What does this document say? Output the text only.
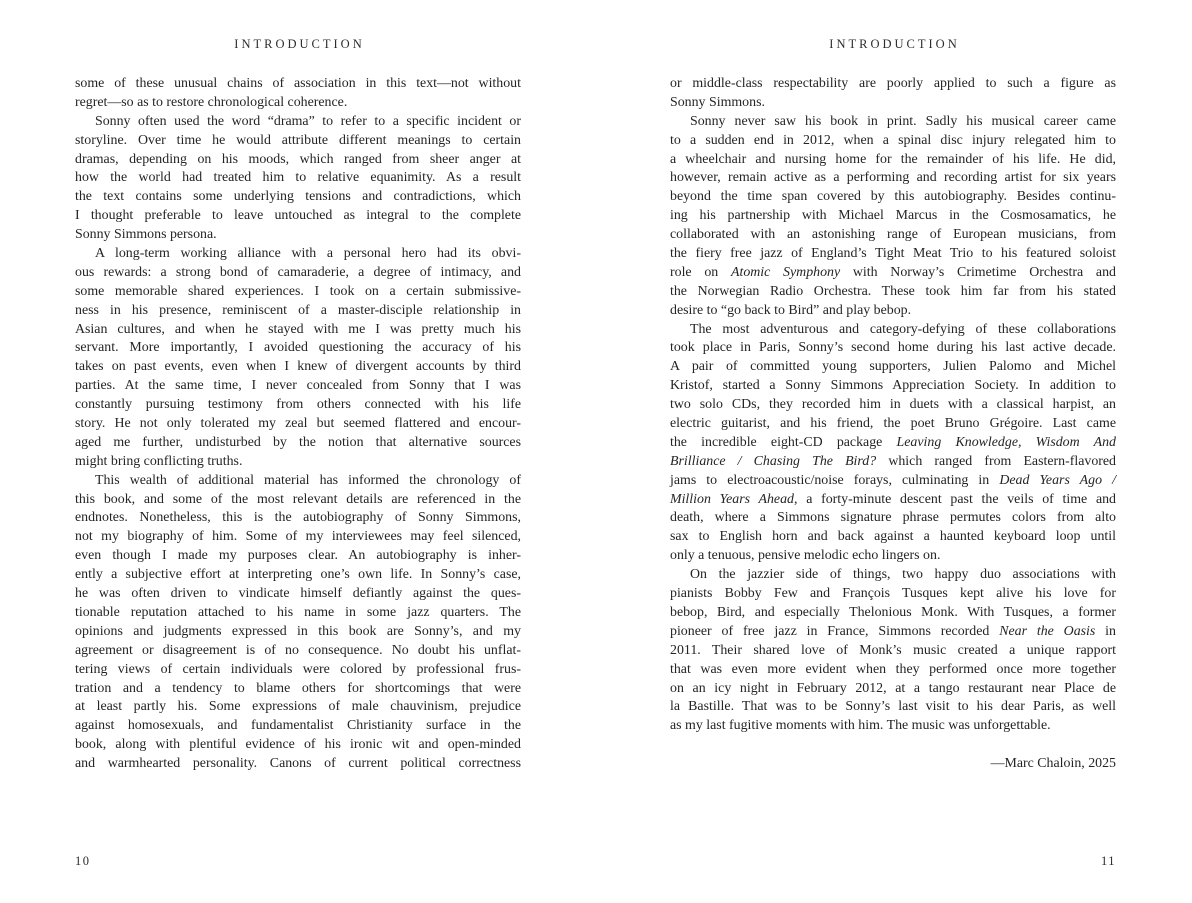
INTRODUCTION
some of these unusual chains of association in this text—not without
regret—so as to restore chronological coherence.
Sonny often used the word “drama” to refer to a specific incident or
storyline. Over time he would attribute different meanings to certain
dramas, depending on his moods, which ranged from sheer anger at
how the world had treated him to relative equanimity. As a result
the text contains some underlying tensions and contradictions, which
I thought preferable to leave untouched as integral to the complete
Sonny Simmons persona.
A long-term working alliance with a personal hero had its obvi-
ous rewards: a strong bond of camaraderie, a degree of intimacy, and
some memorable shared experiences. I took on a certain submissive-
ness in his presence, reminiscent of a master-disciple relationship in
Asian cultures, and when he stayed with me I was pretty much his
servant. More importantly, I avoided questioning the accuracy of his
takes on past events, even when I knew of divergent accounts by third
parties. At the same time, I never concealed from Sonny that I was
constantly pursuing testimony from others connected with his life
story. He not only tolerated my zeal but seemed flattered and encour-
aged me further, undisturbed by the notion that alternative sources
might bring conflicting truths.
This wealth of additional material has informed the chronology of
this book, and some of the most relevant details are referenced in the
endnotes. Nonetheless, this is the autobiography of Sonny Simmons,
not my biography of him. Some of my interviewees may feel silenced,
even though I made my purposes clear. An autobiography is inher-
ently a subjective effort at interpreting one’s own life. In Sonny’s case,
he was often driven to vindicate himself defiantly against the ques-
tionable reputation attached to his name in some jazz quarters. The
opinions and judgments expressed in this book are Sonny’s, and my
agreement or disagreement is of no consequence. No doubt his unflat-
tering views of certain individuals were colored by professional frus-
tration and a tendency to blame others for shortcomings that were
at least partly his. Some expressions of male chauvinism, prejudice
against homosexuals, and fundamentalist Christianity surface in the
book, along with plentiful evidence of his ironic wit and open-minded
and warmhearted personality. Canons of current political correctness
10
INTRODUCTION
or middle-class respectability are poorly applied to such a figure as
Sonny Simmons.
Sonny never saw his book in print. Sadly his musical career came
to a sudden end in 2012, when a spinal disc injury relegated him to
a wheelchair and nursing home for the remainder of his life. He did,
however, remain active as a performing and recording artist for six years
beyond the time span covered by this autobiography. Besides continu-
ing his partnership with Michael Marcus in the Cosmosamatics, he
collaborated with an astonishing range of European musicians, from
the fiery free jazz of England’s Tight Meat Trio to his featured soloist
role on Atomic Symphony with Norway’s Crimetime Orchestra and
the Norwegian Radio Orchestra. These took him far from his stated
desire to “go back to Bird” and play bebop.
The most adventurous and category-defying of these collaborations
took place in Paris, Sonny’s second home during his last active decade.
A pair of committed young supporters, Julien Palomo and Michel
Kristof, started a Sonny Simmons Appreciation Society. In addition to
two solo CDs, they recorded him in duets with a classical harpist, an
electric guitarist, and his friend, the poet Bruno Grégoire. Last came
the incredible eight-CD package Leaving Knowledge, Wisdom And
Brilliance / Chasing The Bird? which ranged from Eastern-flavored
jams to electroacoustic/noise forays, culminating in Dead Years Ago /
Million Years Ahead, a forty-minute descent past the veils of time and
death, where a Simmons signature phrase permutes colors from alto
sax to English horn and back against a haunted keyboard loop until
only a tenuous, pensive melodic echo lingers on.
On the jazzier side of things, two happy duo associations with
pianists Bobby Few and François Tusques kept alive his love for
bebop, Bird, and especially Thelonious Monk. With Tusques, a former
pioneer of free jazz in France, Simmons recorded Near the Oasis in
2011. Their shared love of Monk’s music created a unique rapport
that was even more evident when they performed once more together
on an icy night in February 2012, at a tango restaurant near Place de
la Bastille. That was to be Sonny’s last visit to his dear Paris, as well
as my last fugitive moments with him. The music was unforgettable.
—Marc Chaloin, 2025
11
